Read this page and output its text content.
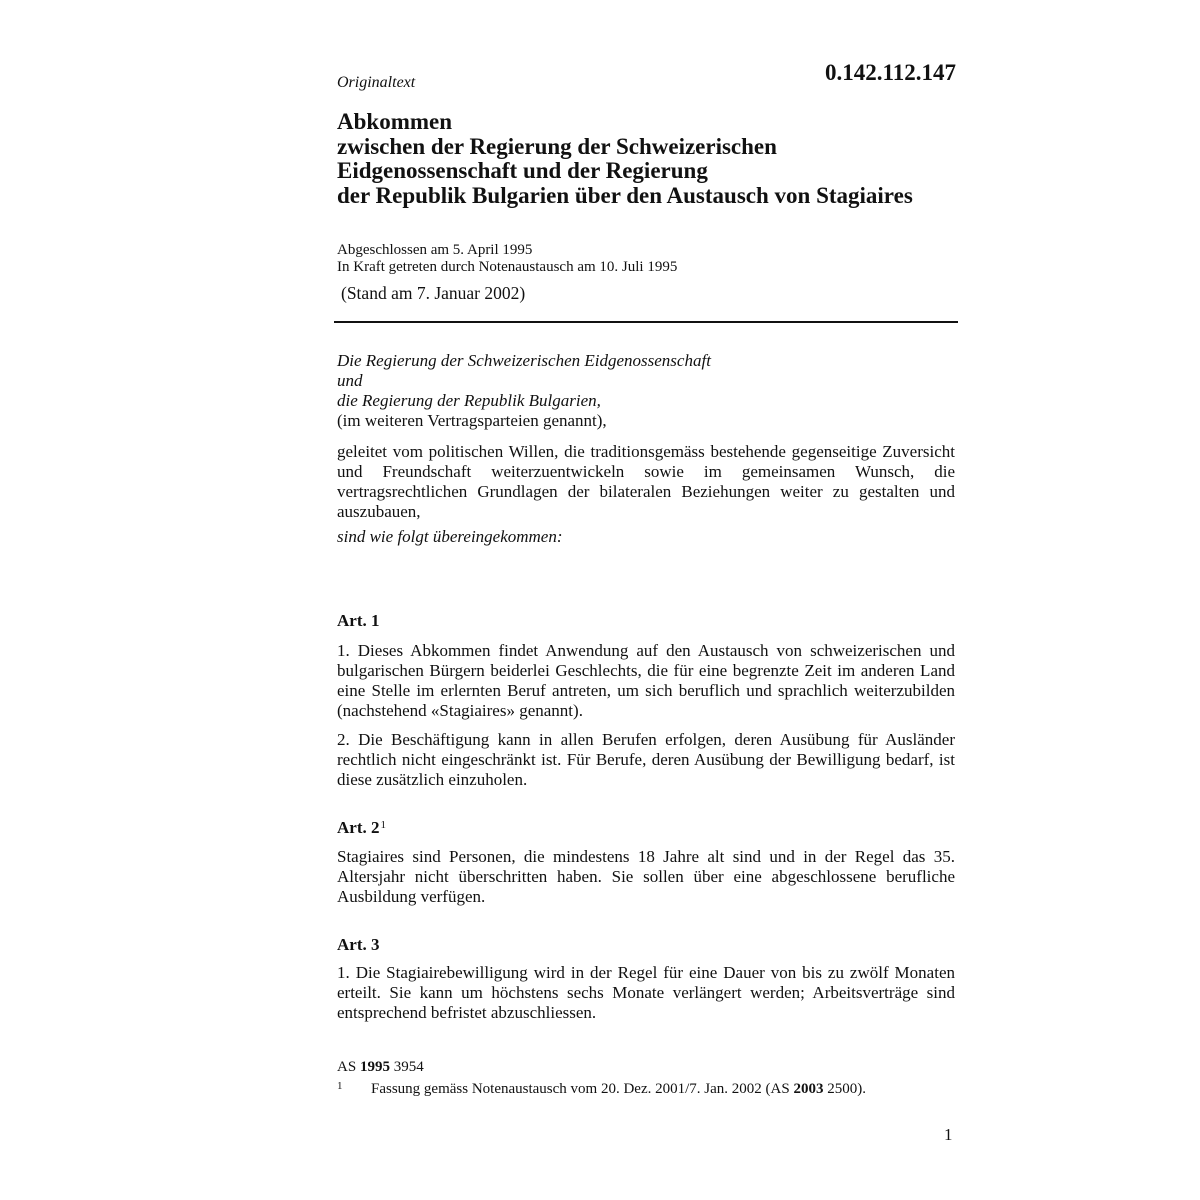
Originaltext	0.142.112.147
Abkommen
zwischen der Regierung der Schweizerischen
Eidgenossenschaft und der Regierung
der Republik Bulgarien über den Austausch von Stagiaires
Abgeschlossen am 5. April 1995
In Kraft getreten durch Notenaustausch am 10. Juli 1995
(Stand am 7. Januar 2002)
Die Regierung der Schweizerischen Eidgenossenschaft
und
die Regierung der Republik Bulgarien,
(im weiteren Vertragsparteien genannt),
geleitet vom politischen Willen, die traditionsgemäss bestehende gegenseitige Zuversicht und Freundschaft weiterzuentwickeln sowie im gemeinsamen Wunsch, die vertragsrechtlichen Grundlagen der bilateralen Beziehungen weiter zu gestalten und auszubauen,
sind wie folgt übereingekommen:
Art. 1
1. Dieses Abkommen findet Anwendung auf den Austausch von schweizerischen und bulgarischen Bürgern beiderlei Geschlechts, die für eine begrenzte Zeit im anderen Land eine Stelle im erlernten Beruf antreten, um sich beruflich und sprachlich weiterzubilden (nachstehend «Stagiaires» genannt).
2. Die Beschäftigung kann in allen Berufen erfolgen, deren Ausübung für Ausländer rechtlich nicht eingeschränkt ist. Für Berufe, deren Ausübung der Bewilligung bedarf, ist diese zusätzlich einzuholen.
Art. $2^1$
Stagiaires sind Personen, die mindestens 18 Jahre alt sind und in der Regel das 35. Altersjahr nicht überschritten haben. Sie sollen über eine abgeschlossene berufliche Ausbildung verfügen.
Art. 3
1. Die Stagiairebewilligung wird in der Regel für eine Dauer von bis zu zwölf Monaten erteilt. Sie kann um höchstens sechs Monate verlängert werden; Arbeitsverträge sind entsprechend befristet abzuschliessen.
AS 1995 3954
1 Fassung gemäss Notenaustausch vom 20. Dez. 2001/7. Jan. 2002 (AS 2003 2500).
1
